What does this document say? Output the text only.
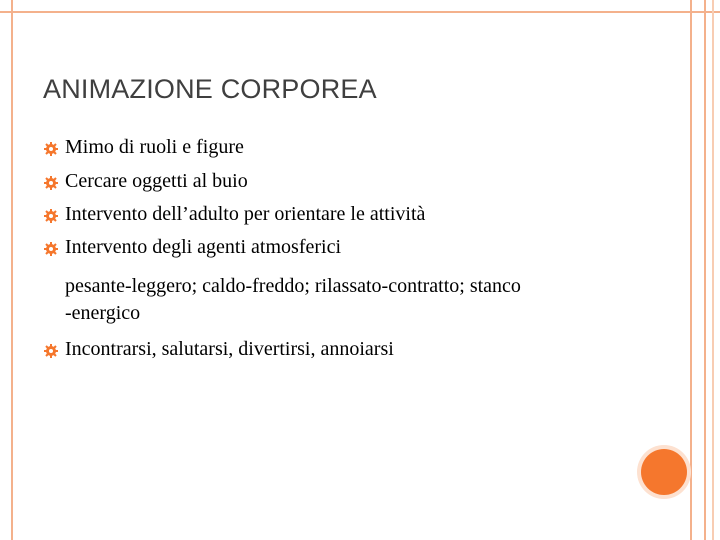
ANIMAZIONE CORPOREA
Mimo di ruoli e figure
Cercare oggetti al buio
Intervento dell’adulto per orientare le attività
Intervento degli agenti atmosferici
pesante-leggero; caldo-freddo; rilassato-contratto; stanco
-energico
Incontrarsi, salutarsi, divertirsi, annoiarsi
